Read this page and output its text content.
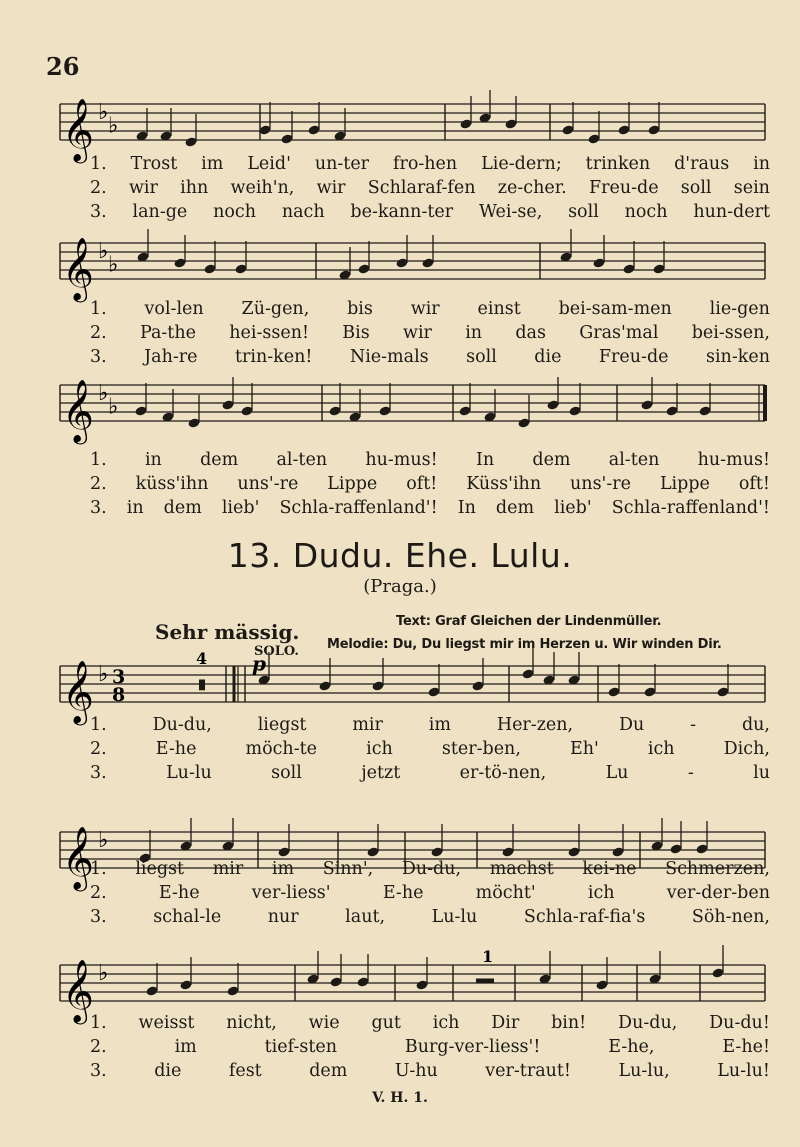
26
𝄞 ♭
♭
𝄞 ♭
♭
𝄞 ♭
♭
1. Trost im Leid' un-ter fro-hen Lie-dern; trinken d'raus in
2. wir ihn weih'n, wir Schlaraf-fen ze-cher. Freu-de soll sein
3. lan-ge noch nach be-kann-ter Wei-se, soll noch hun-dert
1. vol-len Zü-gen, bis wir einst bei-sam-men lie-gen
2. Pa-the hei-ssen! Bis wir in das Gras'mal bei-ssen,
3. Jah-re trin-ken! Nie-mals soll die Freu-de sin-ken
1. in dem al-ten hu-mus! In dem al-ten hu-mus!
2. küss'ihn uns'-re Lippe oft! Küss'ihn uns'-re Lippe oft!
3. in dem lieb' Schla-raffenland'! In dem lieb' Schla-raffenland'!
13. Dudu. Ehe. Lulu.
(Praga.)
Sehr mässig.	Text: Graf Gleichen der Lindenmüller.
Melodie: Du, Du liegst mir im Herzen u. Wir winden Dir.
SOLO.
𝄞 ♭ 3
8
4 p
𝄞 ♭
𝄞 ♭
1
1.	Du-du,	liegst	mir	im	Her-zen,	Du	-	du,
2.	E-he	möch-te	ich	ster-ben,	Eh'	ich	Dich,
3.	Lu-lu	soll	jetzt	er-tö-nen,	Lu	-	lu
1. liegst mir im Sinn', Du-du, machst kei-ne Schmerzen,
2.	E-he	ver-liess'	E-he	möcht'	ich	ver-der-ben
3.	schal-le	nur	laut,	Lu-lu	Schla-raf-fia's	Söh-nen,
1. weisst nicht, wie gut ich Dir bin! Du-du, Du-du!
2.	im	tief-sten	Burg-ver-liess'!	E-he,	E-he!
3.	die	fest	dem	U-hu	ver-traut!	Lu-lu,	Lu-lu!
V. H. 1.
